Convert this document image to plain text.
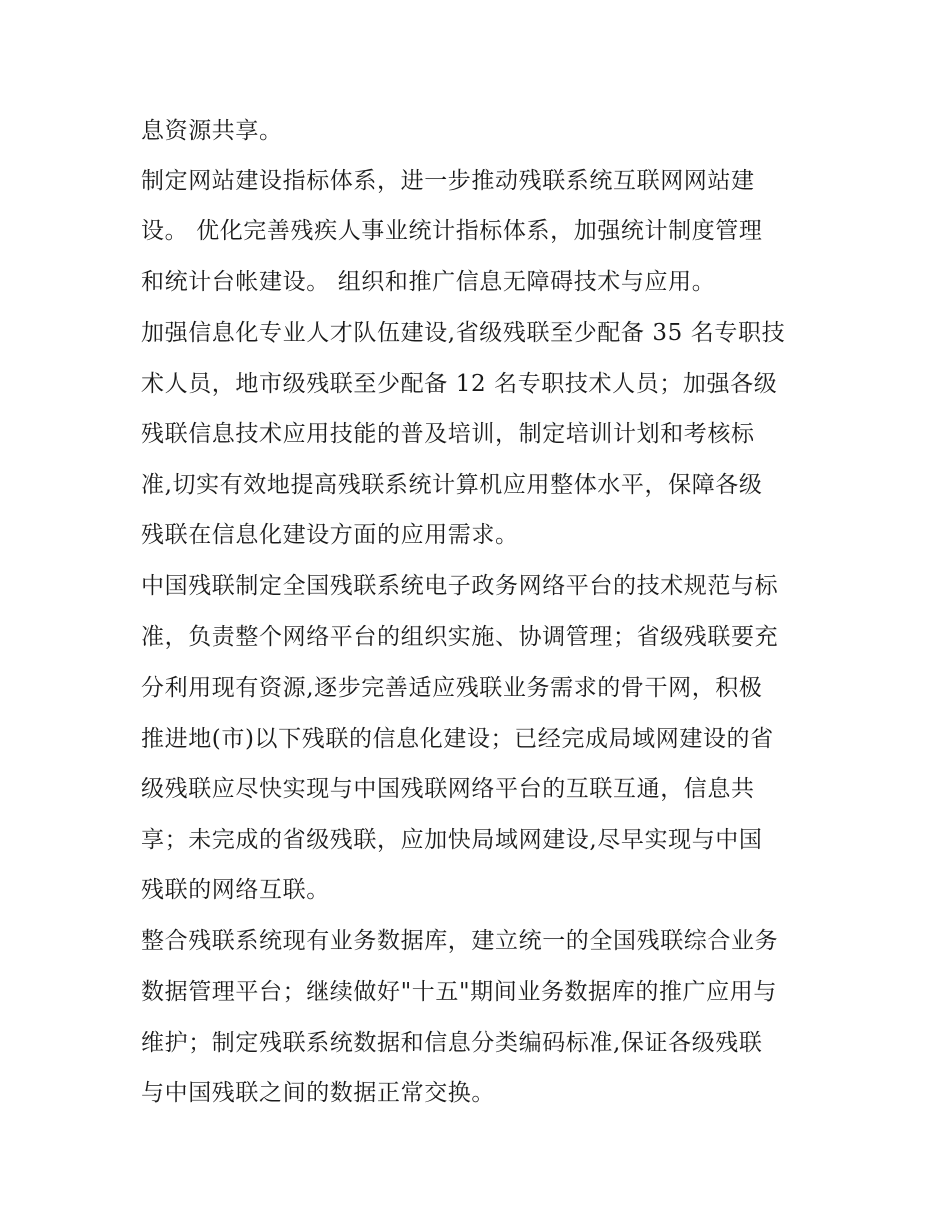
息资源共享。
制定网站建设指标体系，进一步推动残联系统互联网网站建
设。 优化完善残疾人事业统计指标体系，加强统计制度管理
和统计台帐建设。 组织和推广信息无障碍技术与应用。
加强信息化专业人才队伍建设,省级残联至少配备 35 名专职技
术人员，地市级残联至少配备 12 名专职技术人员；加强各级
残联信息技术应用技能的普及培训，制定培训计划和考核标
准,切实有效地提高残联系统计算机应用整体水平，保障各级
残联在信息化建设方面的应用需求。
中国残联制定全国残联系统电子政务网络平台的技术规范与标
准，负责整个网络平台的组织实施、协调管理；省级残联要充
分利用现有资源,逐步完善适应残联业务需求的骨干网，积极
推进地(市)以下残联的信息化建设；已经完成局域网建设的省
级残联应尽快实现与中国残联网络平台的互联互通，信息共
享；未完成的省级残联，应加快局域网建设,尽早实现与中国
残联的网络互联。
整合残联系统现有业务数据库，建立统一的全国残联综合业务
数据管理平台；继续做好"十五"期间业务数据库的推广应用与
维护；制定残联系统数据和信息分类编码标准,保证各级残联
与中国残联之间的数据正常交换。
